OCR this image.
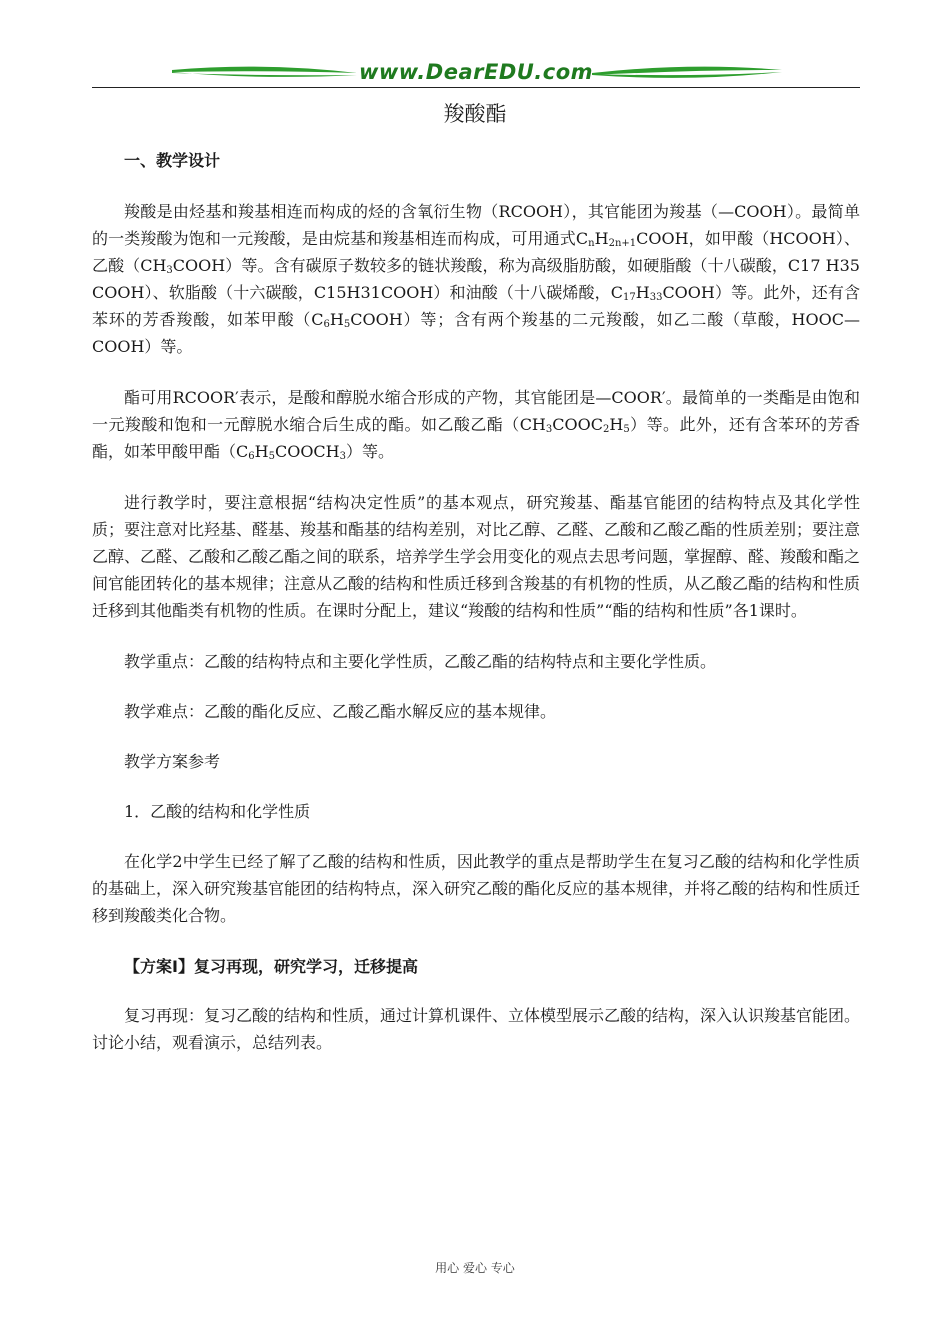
www.DearEDU.com
羧酸酯

一、教学设计

羧酸是由烃基和羧基相连而构成的烃的含氧衍生物（RCOOH），其官能团为羧基（—COOH）。最简单的一类羧酸为饱和一元羧酸，是由烷基和羧基相连而构成，可用通式$C_nH_{2n+1}COOH$，如甲酸（HCOOH）、乙酸$(CH_3COOH)$等。含有碳原子数较多的链状羧酸，称为高级脂肪酸，如硬脂酸（十八碳酸，C17 H35 COOH）、软脂酸（十六碳酸，C15H31COOH）和油酸（十八碳烯酸，$C_{17}H_{33}COOH$）等。此外，还有含苯环的芳香羧酸，如苯甲酸$(C_6H_5COOH)$等；含有两个羧基的二元羧酸，如乙二酸（草酸，HOOC—COOH）等。

酯可用RCOOR′表示，是酸和醇脱水缩合形成的产物，其官能团是—COOR′。最简单的一类酯是由饱和一元羧酸和饱和一元醇脱水缩合后生成的酯。如乙酸乙酯$(CH_3COOC_2H_5)$等。此外，还有含苯环的芳香酯，如苯甲酸甲酯$(C_6H_5COOCH_3)$等。

进行教学时，要注意根据“结构决定性质”的基本观点，研究羧基、酯基官能团的结构特点及其化学性质；要注意对比羟基、醛基、羧基和酯基的结构差别，对比乙醇、乙醛、乙酸和乙酸乙酯的性质差别；要注意乙醇、乙醛、乙酸和乙酸乙酯之间的联系，培养学生学会用变化的观点去思考问题，掌握醇、醛、羧酸和酯之间官能团转化的基本规律；注意从乙酸的结构和性质迁移到含羧基的有机物的性质，从乙酸乙酯的结构和性质迁移到其他酯类有机物的性质。在课时分配上，建议“羧酸的结构和性质”“酯的结构和性质”各1课时。

教学重点：乙酸的结构特点和主要化学性质，乙酸乙酯的结构特点和主要化学性质。

教学难点：乙酸的酯化反应、乙酸乙酯水解反应的基本规律。

教学方案参考

1．乙酸的结构和化学性质

在化学2中学生已经了解了乙酸的结构和性质，因此教学的重点是帮助学生在复习乙酸的结构和化学性质的基础上，深入研究羧基官能团的结构特点，深入研究乙酸的酯化反应的基本规律，并将乙酸的结构和性质迁移到羧酸类化合物。

【方案Ⅰ】复习再现，研究学习，迁移提高

复习再现：复习乙酸的结构和性质，通过计算机课件、立体模型展示乙酸的结构，深入认识羧基官能团。讨论小结，观看演示，总结列表。

用心 爱心 专心
